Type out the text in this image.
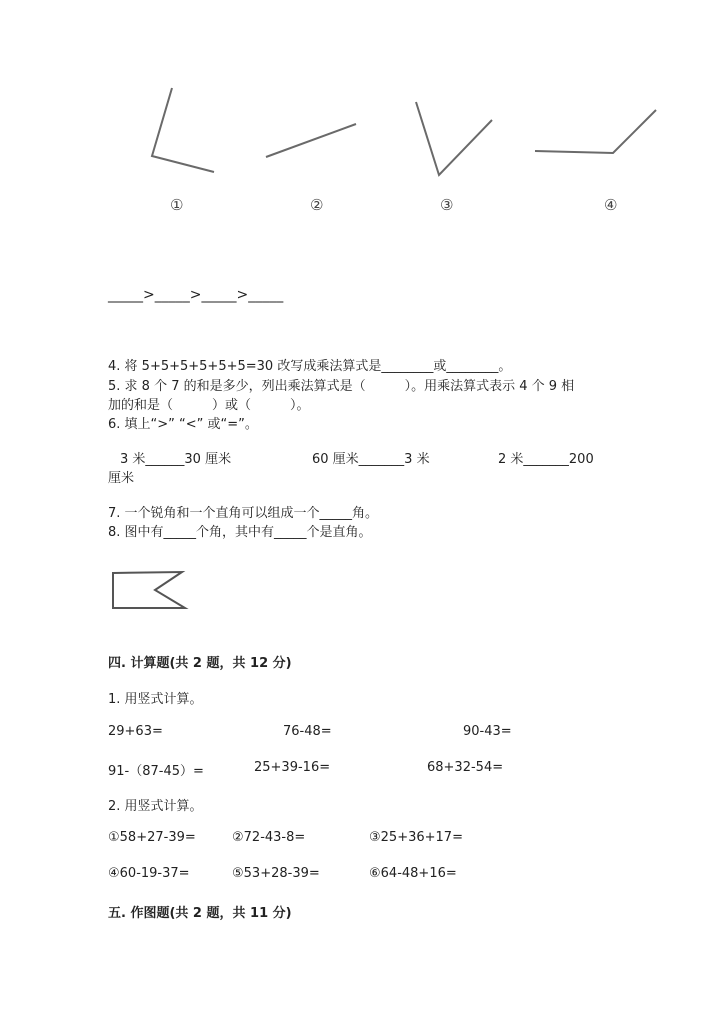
①	②	③	④
_____>_____>_____>_____
4. 将 5+5+5+5+5+5=30 改写成乘法算式是________或________。
5. 求 8 个 7 的和是多少，列出乘法算式是（　　　）。用乘法算式表示 4 个 9 相
加的和是（　　　）或（　　　）。
6. 填上“>” “<” 或“=”。
3 米______30 厘米	60 厘米_______3 米	2 米_______200
厘米
7. 一个锐角和一个直角可以组成一个_____角。
8. 图中有_____个角，其中有_____个是直角。
四. 计算题(共 2 题，共 12 分)
1. 用竖式计算。
29+63=	76-48=	90-43=
91-（87-45）=	25+39-16=	68+32-54=
2. 用竖式计算。
①58+27-39=	②72-43-8=	③25+36+17=
④60-19-37=	⑤53+28-39=	⑥64-48+16=
五. 作图题(共 2 题，共 11 分)
